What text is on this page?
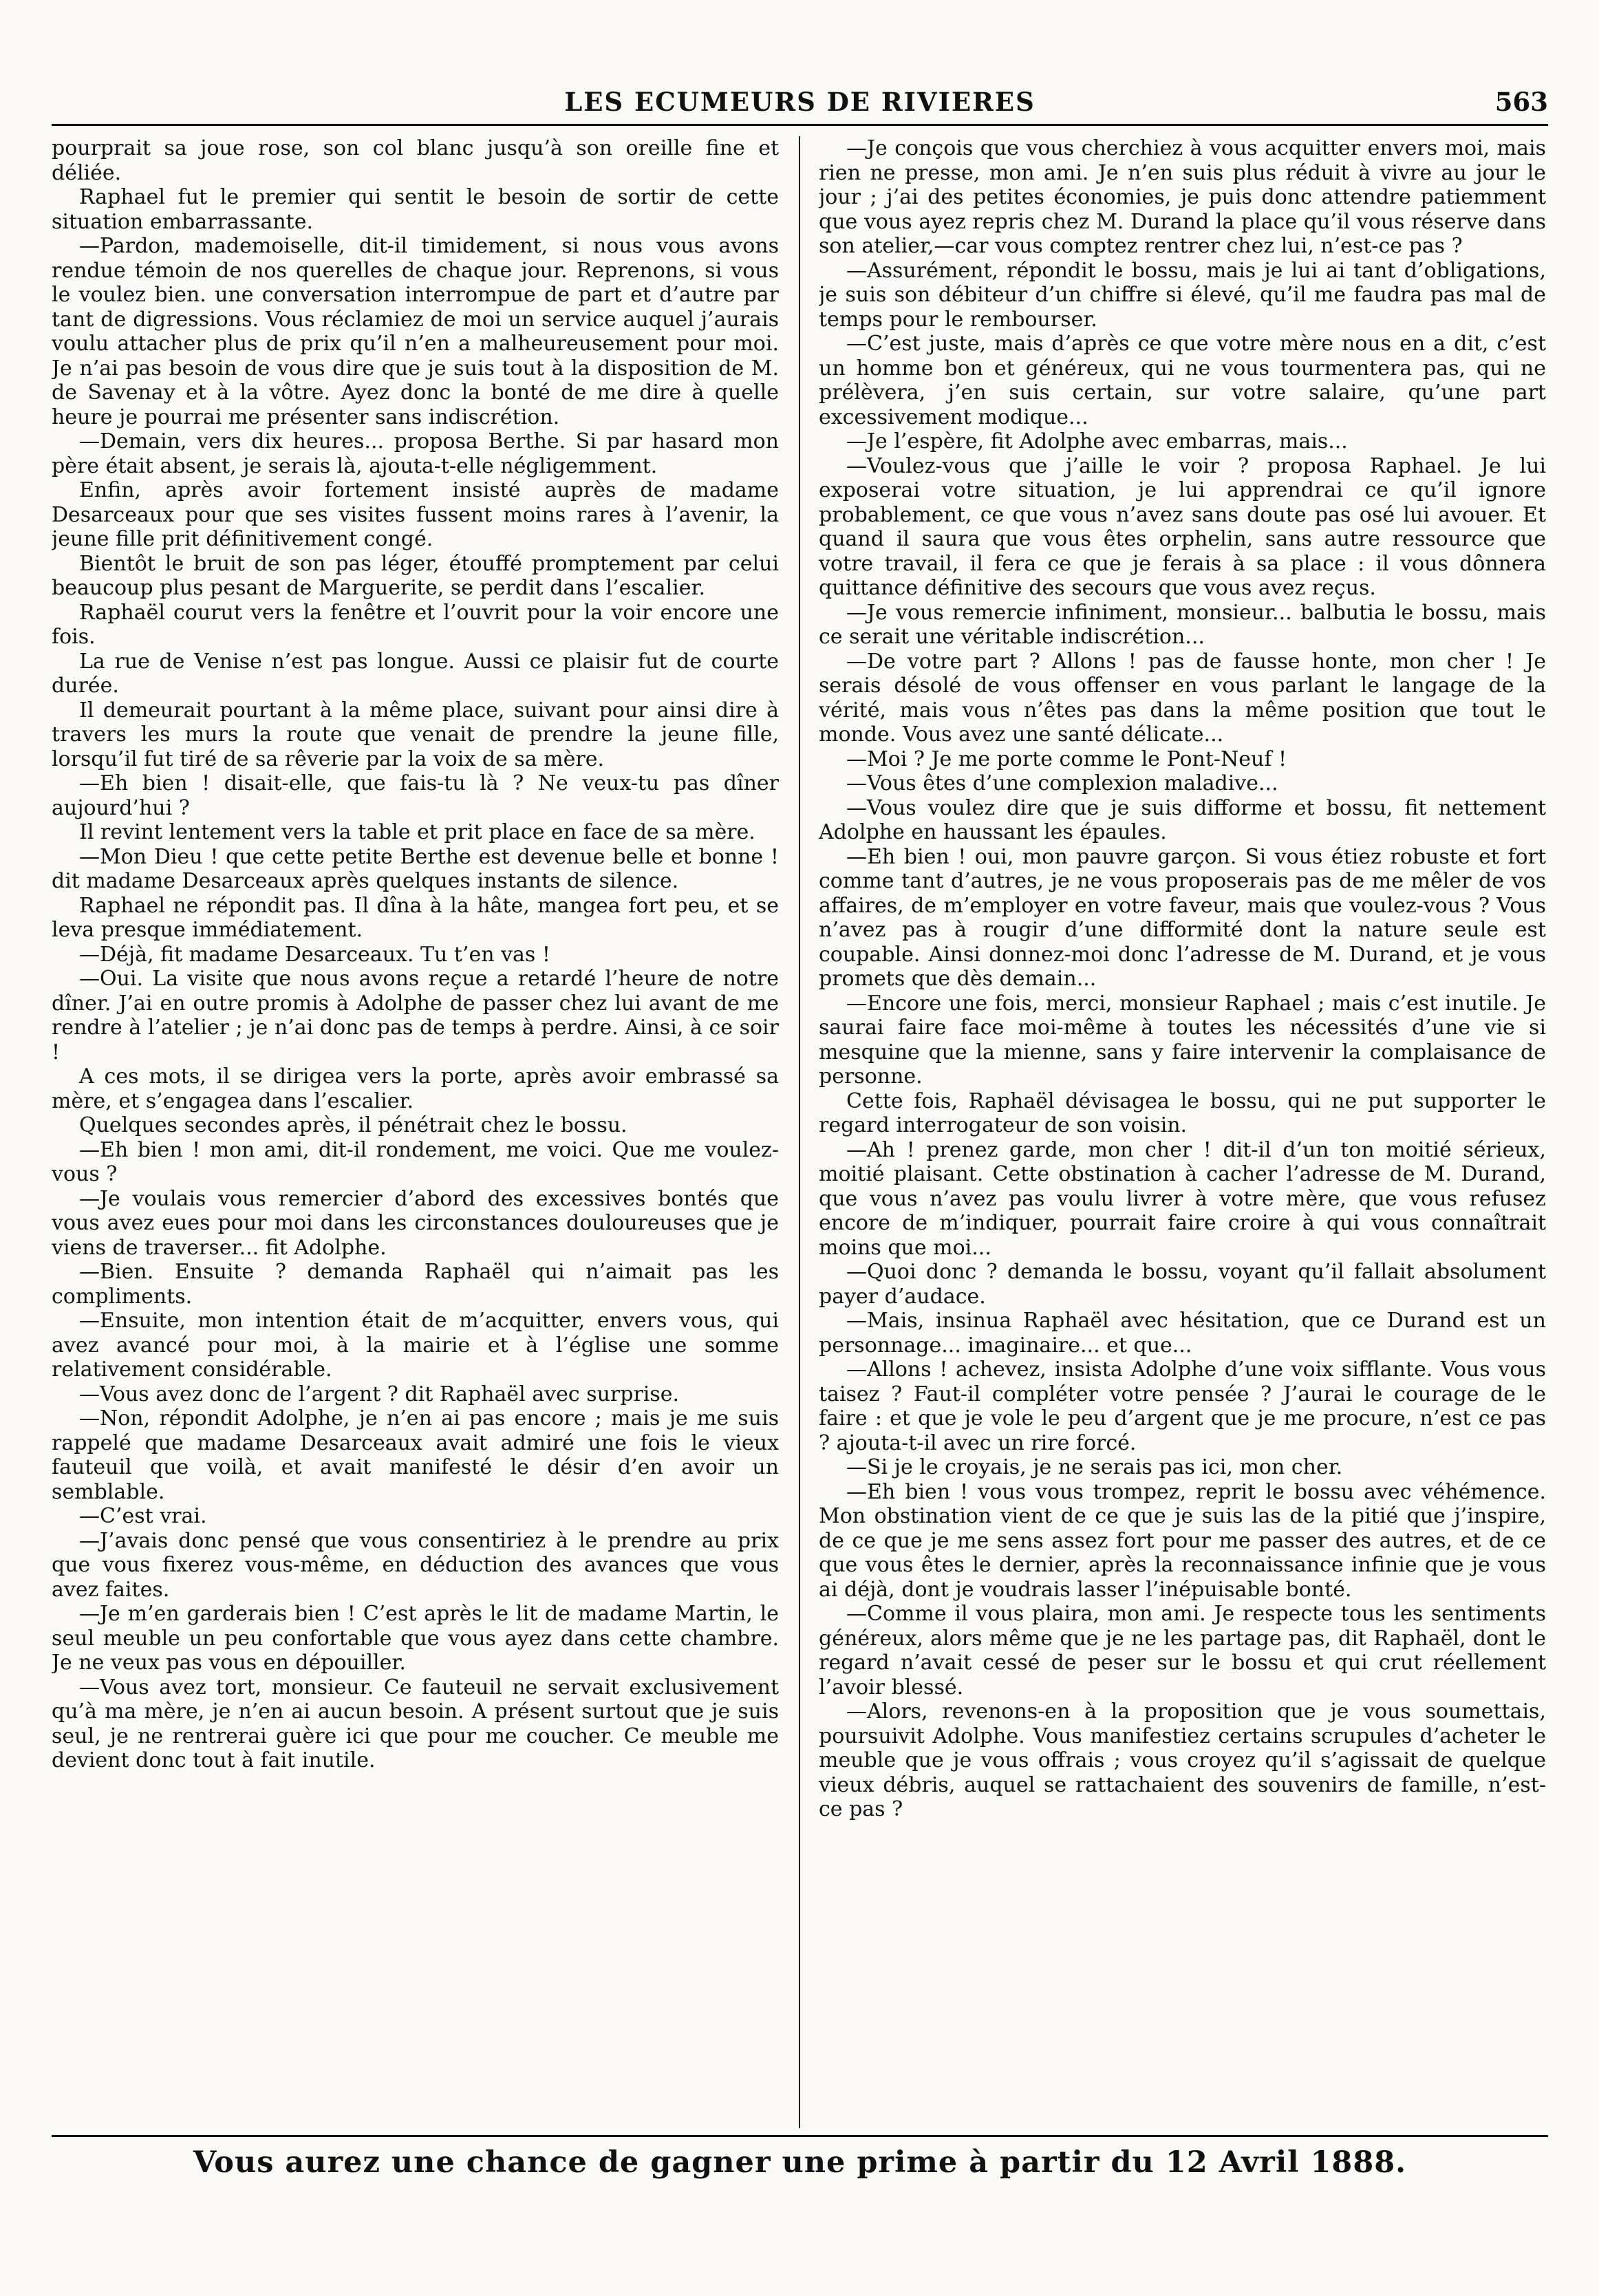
LES ECUMEURS DE RIVIERES	563

pourprait sa joue rose, son col blanc jusqu’à son oreille fine et déliée.

Raphael fut le premier qui sentit le besoin de sortir de cette situation embarrassante.

—Pardon, mademoiselle, dit-il timidement, si nous vous avons rendue témoin de nos querelles de chaque jour. Reprenons, si vous le voulez bien. une conversation interrompue de part et d’autre par tant de digressions. Vous réclamiez de moi un service auquel j’aurais voulu attacher plus de prix qu’il n’en a malheureusement pour moi. Je n’ai pas besoin de vous dire que je suis tout à la disposition de M. de Savenay et à la vôtre. Ayez donc la bonté de me dire à quelle heure je pourrai me présenter sans indiscrétion.

—Demain, vers dix heures... proposa Berthe. Si par hasard mon père était absent, je serais là, ajouta-t-elle négligemment.

Enfin, après avoir fortement insisté auprès de madame Desarceaux pour que ses visites fussent moins rares à l’avenir, la jeune fille prit définitivement congé.

Bientôt le bruit de son pas léger, étouffé promptement par celui beaucoup plus pesant de Marguerite, se perdit dans l’escalier.

Raphaël courut vers la fenêtre et l’ouvrit pour la voir encore une fois.

La rue de Venise n’est pas longue. Aussi ce plaisir fut de courte durée.

Il demeurait pourtant à la même place, suivant pour ainsi dire à travers les murs la route que venait de prendre la jeune fille, lorsqu’il fut tiré de sa rêverie par la voix de sa mère.

—Eh bien ! disait-elle, que fais-tu là ? Ne veux-tu pas dîner aujourd’hui ?

Il revint lentement vers la table et prit place en face de sa mère.

—Mon Dieu ! que cette petite Berthe est devenue belle et bonne ! dit madame Desarceaux après quelques instants de silence.

Raphael ne répondit pas. Il dîna à la hâte, mangea fort peu, et se leva presque immédiatement.

—Déjà, fit madame Desarceaux. Tu t’en vas !

—Oui. La visite que nous avons reçue a retardé l’heure de notre dîner. J’ai en outre promis à Adolphe de passer chez lui avant de me rendre à l’atelier ; je n’ai donc pas de temps à perdre. Ainsi, à ce soir !

A ces mots, il se dirigea vers la porte, après avoir embrassé sa mère, et s’engagea dans l’escalier.

Quelques secondes après, il pénétrait chez le bossu.

—Eh bien ! mon ami, dit-il rondement, me voici. Que me voulez-vous ?

—Je voulais vous remercier d’abord des excessives bontés que vous avez eues pour moi dans les circonstances douloureuses que je viens de traverser... fit Adolphe.

—Bien. Ensuite ? demanda Raphaël qui n’aimait pas les compliments.

—Ensuite, mon intention était de m’acquitter, envers vous, qui avez avancé pour moi, à la mairie et à l’église une somme relativement considérable.

—Vous avez donc de l’argent ? dit Raphaël avec surprise.

—Non, répondit Adolphe, je n’en ai pas encore ; mais je me suis rappelé que madame Desarceaux avait admiré une fois le vieux fauteuil que voilà, et avait manifesté le désir d’en avoir un semblable.

—C’est vrai.

—J’avais donc pensé que vous consentiriez à le prendre au prix que vous fixerez vous-même, en déduction des avances que vous avez faites.

—Je m’en garderais bien ! C’est après le lit de madame Martin, le seul meuble un peu confortable que vous ayez dans cette chambre. Je ne veux pas vous en dépouiller.

—Vous avez tort, monsieur. Ce fauteuil ne servait exclusivement qu’à ma mère, je n’en ai aucun besoin. A présent surtout que je suis seul, je ne rentrerai guère ici que pour me coucher. Ce meuble me devient donc tout à fait inutile.

—Je conçois que vous cherchiez à vous acquitter envers moi, mais rien ne presse, mon ami. Je n’en suis plus réduit à vivre au jour le jour ; j’ai des petites économies, je puis donc attendre patiemment que vous ayez repris chez M. Durand la place qu’il vous réserve dans son atelier,—car vous comptez rentrer chez lui, n’est-ce pas ?

—Assurément, répondit le bossu, mais je lui ai tant d’obligations, je suis son débiteur d’un chiffre si élevé, qu’il me faudra pas mal de temps pour le rembourser.

—C’est juste, mais d’après ce que votre mère nous en a dit, c’est un homme bon et généreux, qui ne vous tourmentera pas, qui ne prélèvera, j’en suis certain, sur votre salaire, qu’une part excessivement modique...

—Je l’espère, fit Adolphe avec embarras, mais...

—Voulez-vous que j’aille le voir ? proposa Raphael. Je lui exposerai votre situation, je lui apprendrai ce qu’il ignore probablement, ce que vous n’avez sans doute pas osé lui avouer. Et quand il saura que vous êtes orphelin, sans autre ressource que votre travail, il fera ce que je ferais à sa place : il vous dônnera quittance définitive des secours que vous avez reçus.

—Je vous remercie infiniment, monsieur... balbutia le bossu, mais ce serait une véritable indiscrétion...

—De votre part ? Allons ! pas de fausse honte, mon cher ! Je serais désolé de vous offenser en vous parlant le langage de la vérité, mais vous n’êtes pas dans la même position que tout le monde. Vous avez une santé délicate...

—Moi ? Je me porte comme le Pont-Neuf !

—Vous êtes d’une complexion maladive...

—Vous voulez dire que je suis difforme et bossu, fit nettement Adolphe en haussant les épaules.

—Eh bien ! oui, mon pauvre garçon. Si vous étiez robuste et fort comme tant d’autres, je ne vous proposerais pas de me mêler de vos affaires, de m’employer en votre faveur, mais que voulez-vous ? Vous n’avez pas à rougir d’une difformité dont la nature seule est coupable. Ainsi donnez-moi donc l’adresse de M. Durand, et je vous promets que dès demain...

—Encore une fois, merci, monsieur Raphael ; mais c’est inutile. Je saurai faire face moi-même à toutes les nécessités d’une vie si mesquine que la mienne, sans y faire intervenir la complaisance de personne.

Cette fois, Raphaël dévisagea le bossu, qui ne put supporter le regard interrogateur de son voisin.

—Ah ! prenez garde, mon cher ! dit-il d’un ton moitié sérieux, moitié plaisant. Cette obstination à cacher l’adresse de M. Durand, que vous n’avez pas voulu livrer à votre mère, que vous refusez encore de m’indiquer, pourrait faire croire à qui vous connaîtrait moins que moi...

—Quoi donc ? demanda le bossu, voyant qu’il fallait absolument payer d’audace.

—Mais, insinua Raphaël avec hésitation, que ce Durand est un personnage... imaginaire... et que...

—Allons ! achevez, insista Adolphe d’une voix sifflante. Vous vous taisez ? Faut-il compléter votre pensée ? J’aurai le courage de le faire : et que je vole le peu d’argent que je me procure, n’est ce pas ? ajouta-t-il avec un rire forcé.

—Si je le croyais, je ne serais pas ici, mon cher.

—Eh bien ! vous vous trompez, reprit le bossu avec véhémence. Mon obstination vient de ce que je suis las de la pitié que j’inspire, de ce que je me sens assez fort pour me passer des autres, et de ce que vous êtes le dernier, après la reconnaissance infinie que je vous ai déjà, dont je voudrais lasser l’inépuisable bonté.

—Comme il vous plaira, mon ami. Je respecte tous les sentiments généreux, alors même que je ne les partage pas, dit Raphaël, dont le regard n’avait cessé de peser sur le bossu et qui crut réellement l’avoir blessé.

—Alors, revenons-en à la proposition que je vous soumettais, poursuivit Adolphe. Vous manifestiez certains scrupules d’acheter le meuble que je vous offrais ; vous croyez qu’il s’agissait de quelque vieux débris, auquel se rattachaient des souvenirs de famille, n’est-ce pas ?

Vous aurez une chance de gagner une prime à partir du 12 Avril 1888.
